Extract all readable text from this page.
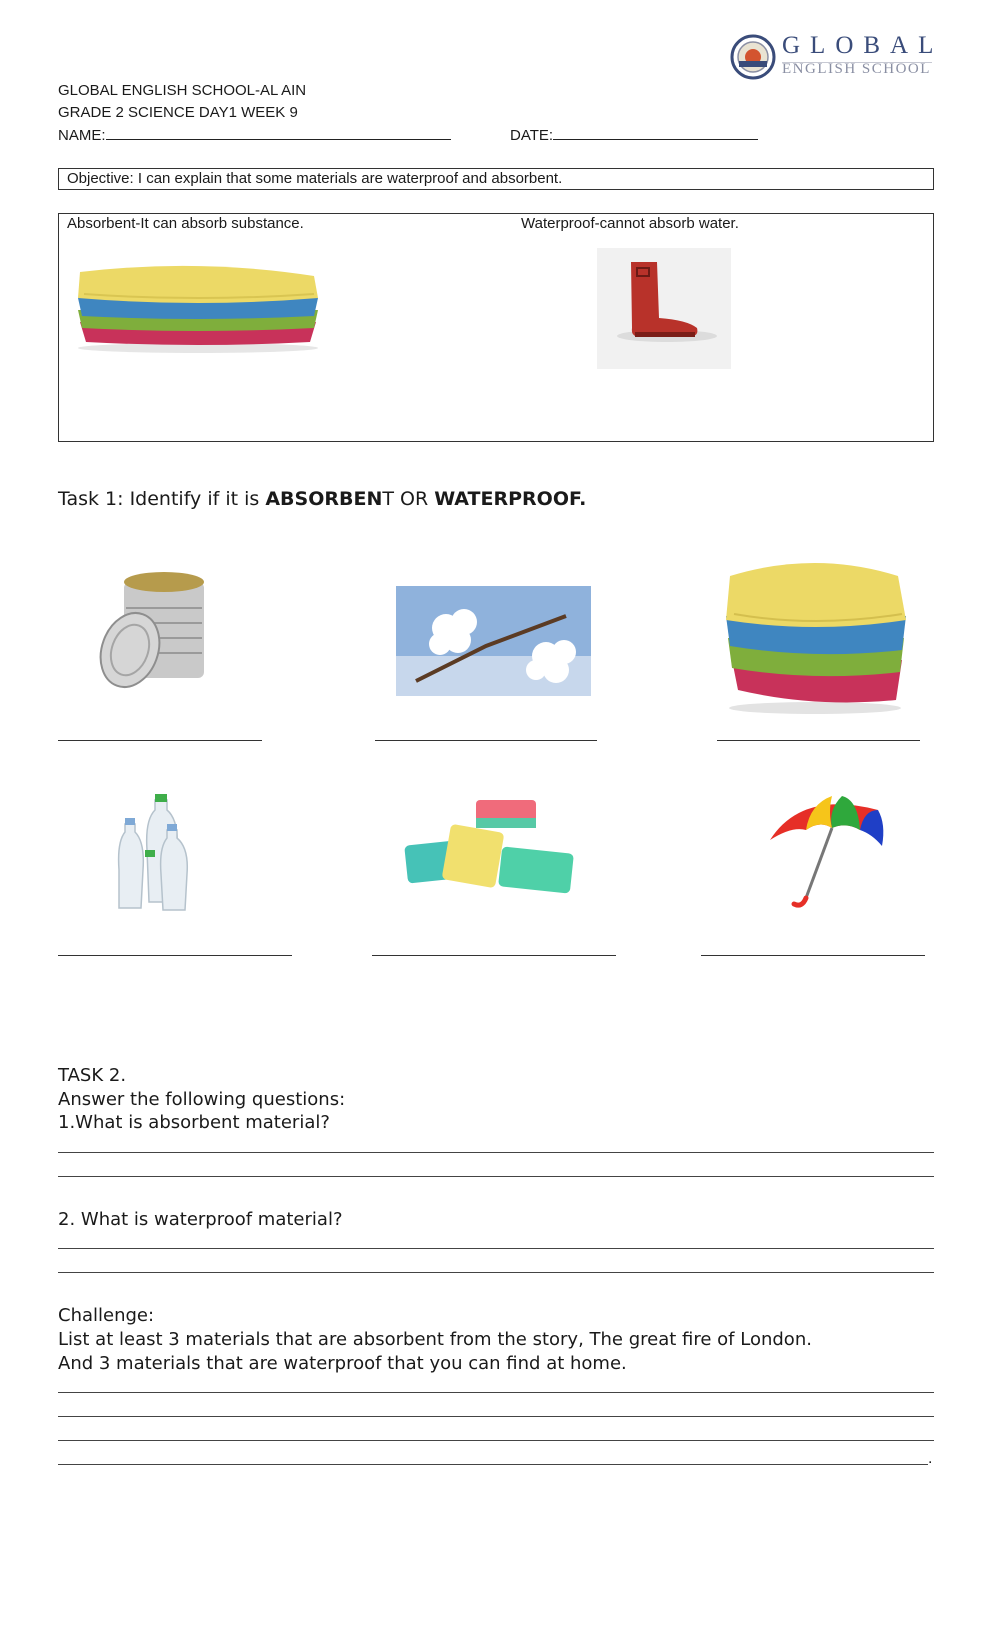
GLOBAL
ENGLISH SCHOOL
GLOBAL ENGLISH SCHOOL-AL AIN
GRADE 2 SCIENCE DAY1 WEEK 9
NAME:	DATE:
Objective: I can explain that some materials are waterproof and absorbent.
Absorbent-It can absorb substance.	Waterproof-cannot absorb water.
Task 1: Identify if it is ABSORBENT OR WATERPROOF.
TASK 2.
Answer the following questions:
1.What is absorbent material?
2. What is waterproof material?
Challenge:
List at least 3 materials that are absorbent from the story, The great fire of London.
And 3 materials that are waterproof that you can find at home.
.
